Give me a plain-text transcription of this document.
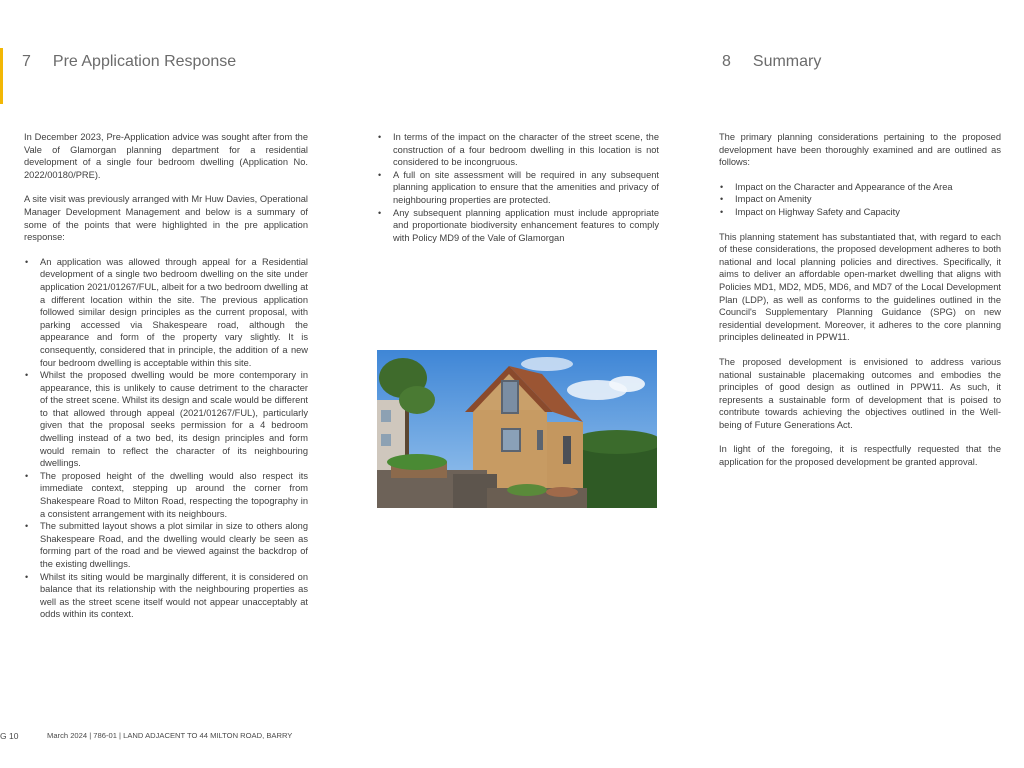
7 Pre Application Response	8 Summary

In December 2023, Pre-Application advice was sought after from the Vale of Glamorgan planning department for a residential development of a single four bedroom dwelling (Application No. 2022/00180/PRE).

A site visit was previously arranged with Mr Huw Davies, Operational Manager Development Management and below is a summary of some of the points that were highlighted in the pre application response:

• An application was allowed through appeal for a Residential development of a single two bedroom dwelling on the site under application 2021/01267/FUL, albeit for a two bedroom dwelling at a different location within the site. The previous application followed similar design principles as the current proposal, with parking accessed via Shakespeare road, although the appearance and form of the property vary slightly. It is consequently, considered that in principle, the addition of a new four bedroom dwelling is acceptable within this site.
• Whilst the proposed dwelling would be more contemporary in appearance, this is unlikely to cause detriment to the character of the street scene. Whilst its design and scale would be different to that allowed through appeal (2021/01267/FUL), particularly given that the proposal seeks permission for a 4 bedroom dwelling instead of a two bed, its design principles and form would remain to reflect the character of its neighbouring dwellings.
• The proposed height of the dwelling would also respect its immediate context, stepping up around the corner from Shakespeare Road to Milton Road, respecting the topography in a consistent arrangement with its neighbours.
• The submitted layout shows a plot similar in size to others along Shakespeare Road, and the dwelling would clearly be seen as forming part of the road and be viewed against the backdrop of the existing dwellings.
• Whilst its siting would be marginally different, it is considered on balance that its relationship with the neighbouring properties as well as the street scene itself would not appear unacceptably at odds within its context.
• In terms of the impact on the character of the street scene, the construction of a four bedroom dwelling in this location is not considered to be incongruous.
• A full on site assessment will be required in any subsequent planning application to ensure that the amenities and privacy of neighbouring properties are protected.
• Any subsequent planning application must include appropriate and proportionate biodiversity enhancement features to comply with Policy MD9 of the Vale of Glamorgan

The primary planning considerations pertaining to the proposed development have been thoroughly examined and are outlined as follows:

• Impact on the Character and Appearance of the Area
• Impact on Amenity
• Impact on Highway Safety and Capacity

This planning statement has substantiated that, with regard to each of these considerations, the proposed development adheres to both national and local planning policies and directives. Specifically, it aims to deliver an affordable open-market dwelling that aligns with Policies MD1, MD2, MD5, MD6, and MD7 of the Local Development Plan (LDP), as well as conforms to the guidelines outlined in the Council's Supplementary Planning Guidance (SPG) on new residential development. Moreover, it adheres to the core planning principles delineated in PPW11.

The proposed development is envisioned to address various national sustainable placemaking outcomes and embodies the principles of good design as outlined in PPW11. As such, it represents a sustainable form of development that is poised to contribute towards achieving the objectives outlined in the Well-being of Future Generations Act.

In light of the foregoing, it is respectfully requested that the application for the proposed development be granted approval.

G 10	March 2024 | 786-01 | LAND ADJACENT TO 44 MILTON ROAD, BARRY
